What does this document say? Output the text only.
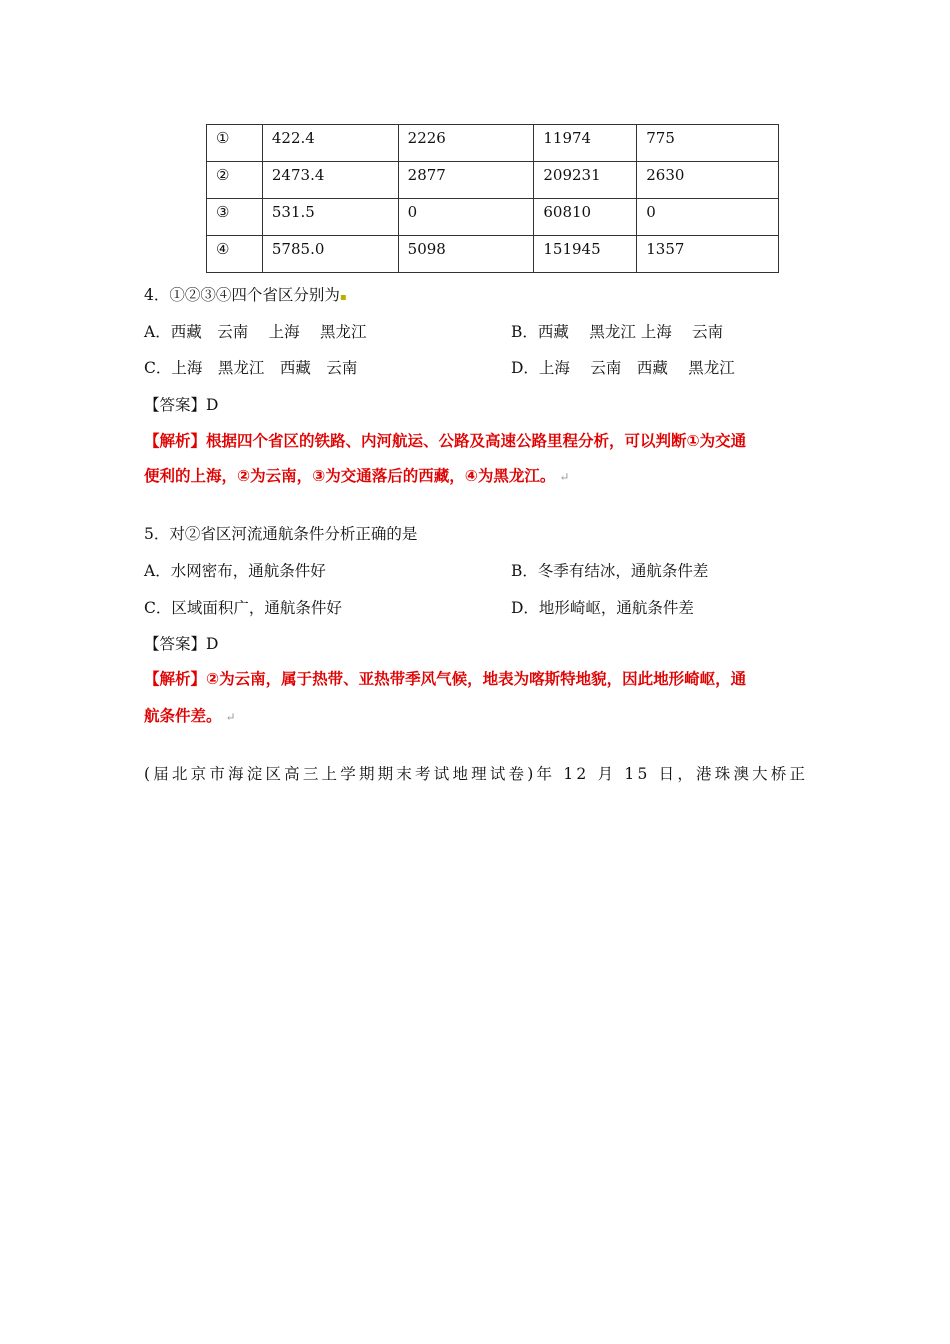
①	422.4	2226	11974	775
②	2473.4	2877	209231	2630
③	531.5	0	60810	0
④	5785.0	5098	151945	1357
4．①②③④四个省区分别为▪
A．西藏　云南　 上海　 黑龙江	B．西藏　 黑龙江 上海　 云南
C．上海　黑龙江　西藏　云南	D．上海　 云南　西藏　 黑龙江
【答案】D
【解析】根据四个省区的铁路、内河航运、公路及高速公路里程分析，可以判断①为交通
便利的上海，②为云南，③为交通落后的西藏，④为黑龙江。 ↵
5．对②省区河流通航条件分析正确的是
A．水网密布，通航条件好	B．冬季有结冰，通航条件差
C．区域面积广，通航条件好	D．地形崎岖，通航条件差
【答案】D
【解析】②为云南，属于热带、亚热带季风气候，地表为喀斯特地貌，因此地形崎岖，通
航条件差。 ↵
(届北京市海淀区高三上学期期末考试地理试卷)年 12 月 15 日，港珠澳大桥正
